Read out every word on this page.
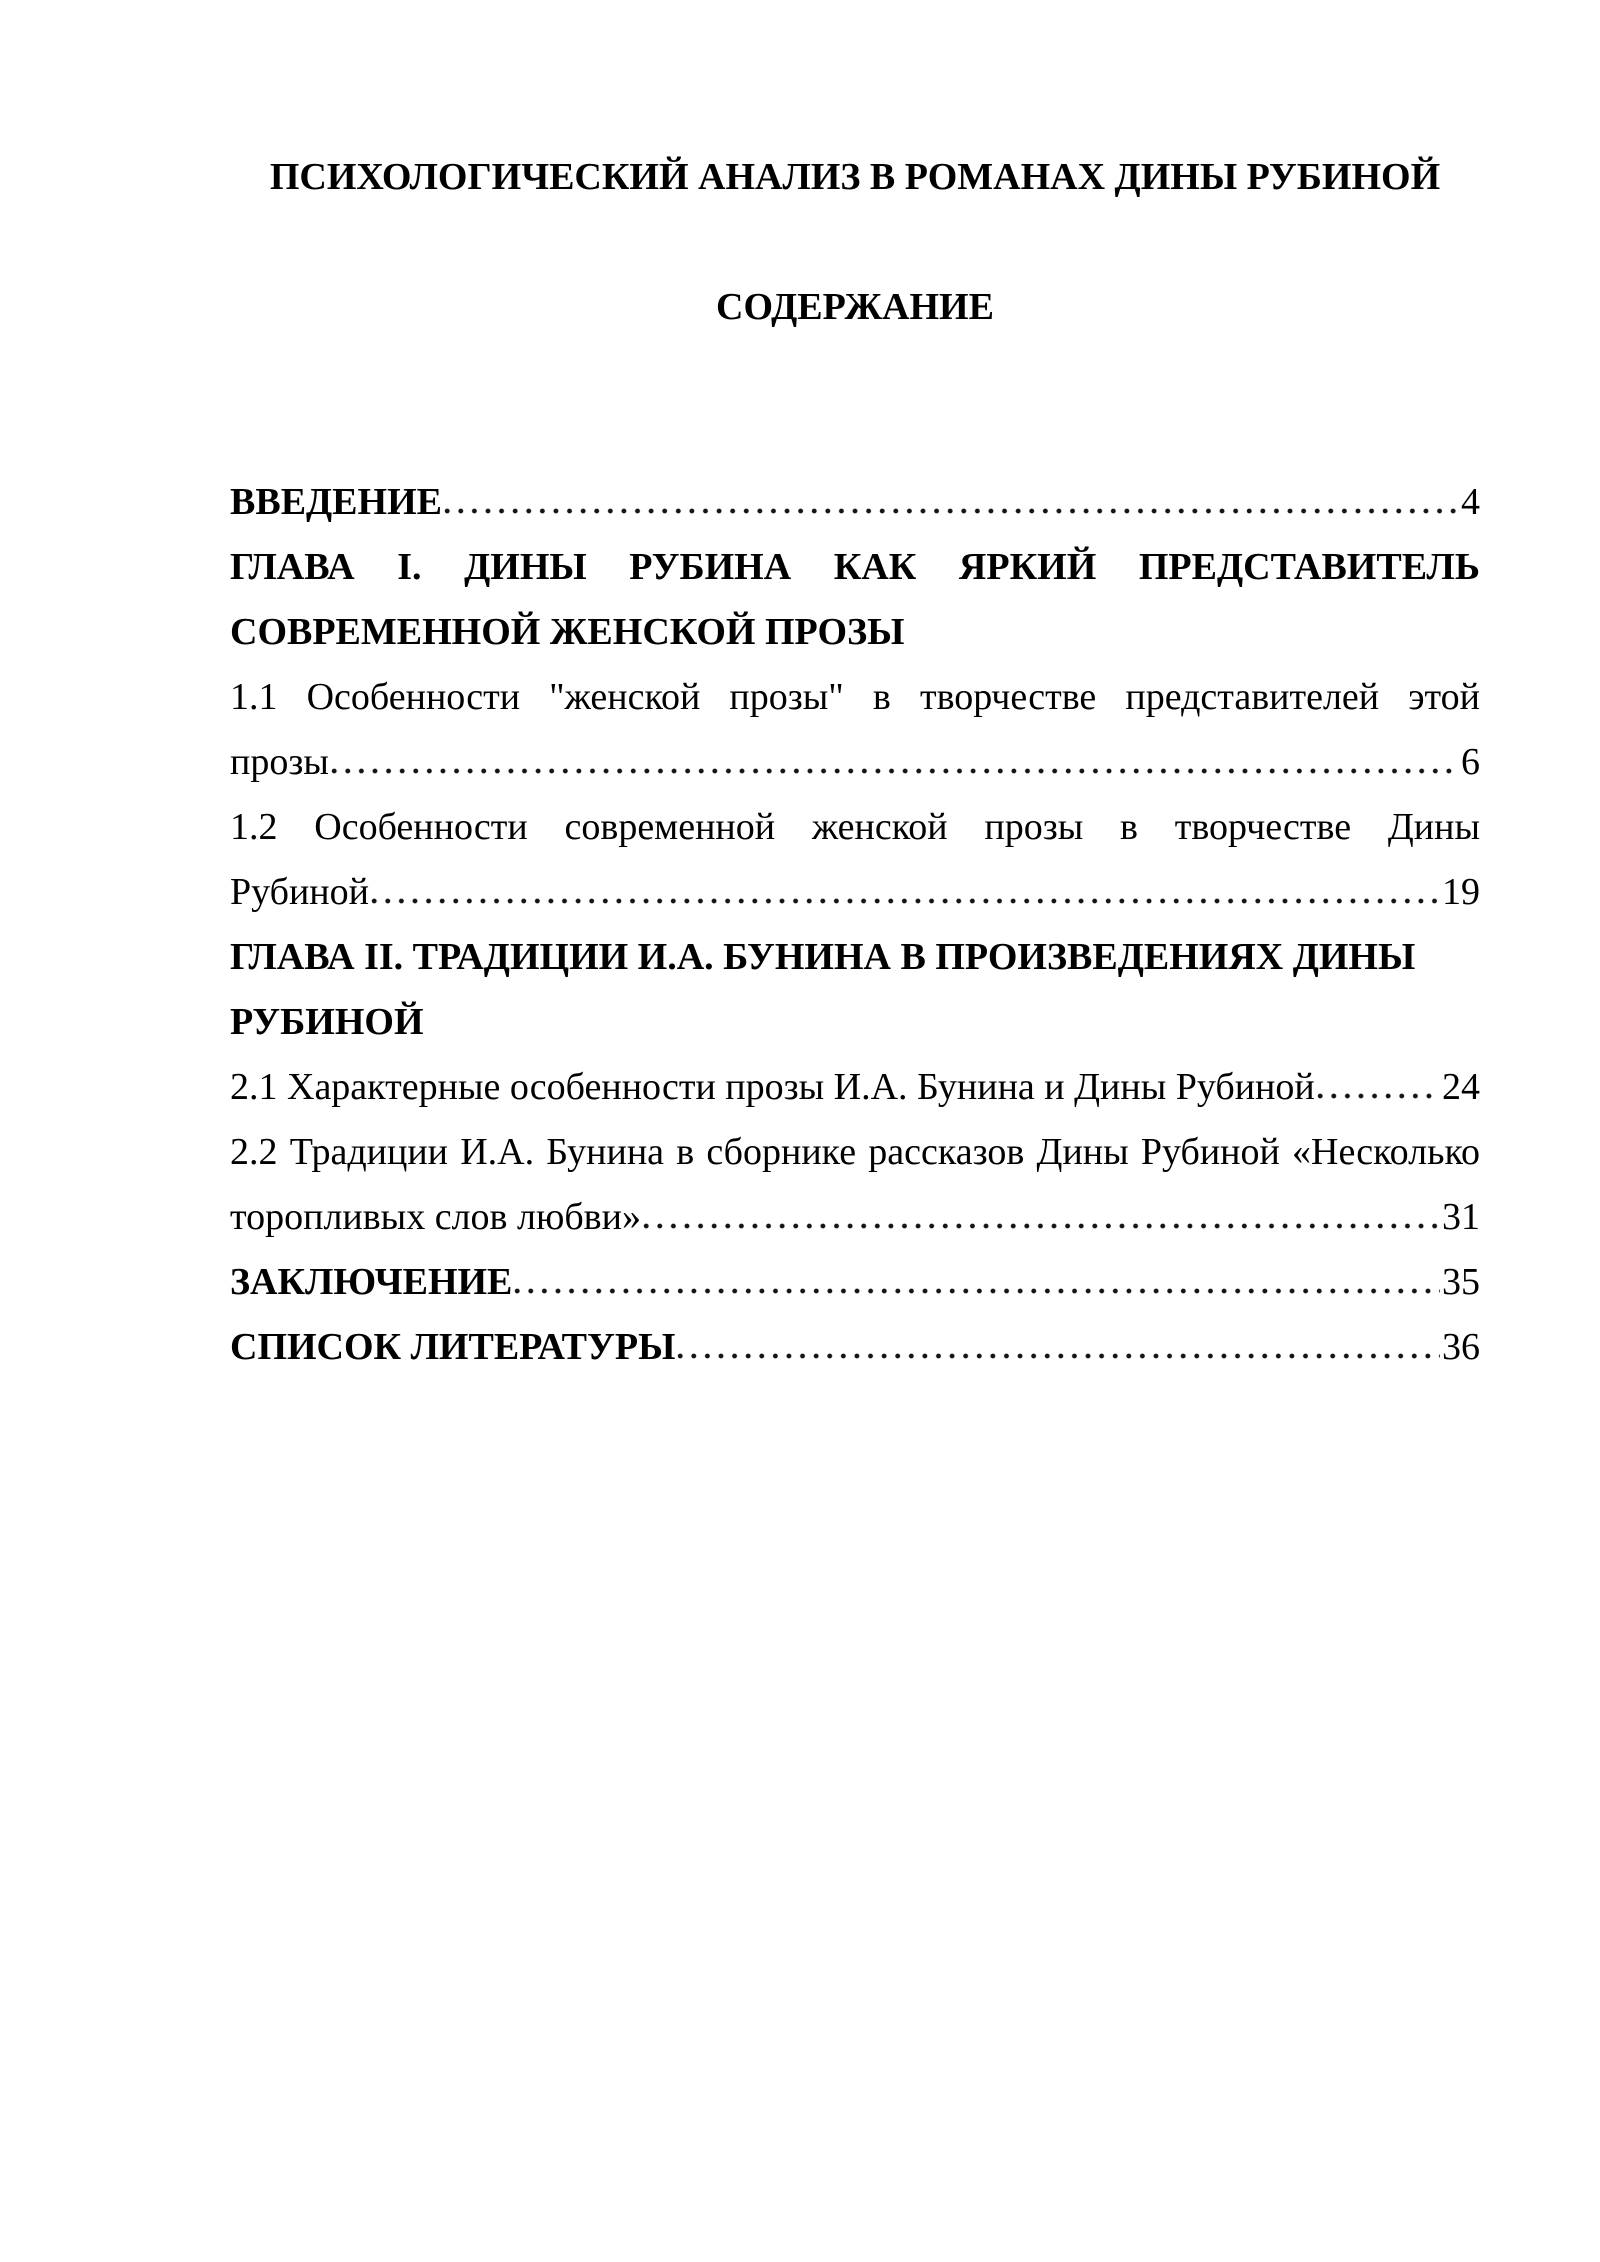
ПСИХОЛОГИЧЕСКИЙ АНАЛИЗ В РОМАНАХ ДИНЫ РУБИНОЙ
СОДЕРЖАНИЕ
ВВЕДЕНИЕ	4
ГЛАВА I. ДИНЫ РУБИНА КАК ЯРКИЙ ПРЕДСТАВИТЕЛЬ
СОВРЕМЕННОЙ ЖЕНСКОЙ ПРОЗЫ
1.1 Особенности "женской прозы" в творчестве представителей этой
прозы	6
1.2 Особенности современной женской прозы в творчестве Дины
Рубиной	19
ГЛАВА II. ТРАДИЦИИ И.А. БУНИНА В ПРОИЗВЕДЕНИЯХ ДИНЫ
РУБИНОЙ
2.1 Характерные особенности прозы И.А. Бунина и Дины Рубиной	24
2.2 Традиции И.А. Бунина в сборнике рассказов Дины Рубиной «Несколько
торопливых слов любви»	31
ЗАКЛЮЧЕНИЕ	35
СПИСОК ЛИТЕРАТУРЫ	36
